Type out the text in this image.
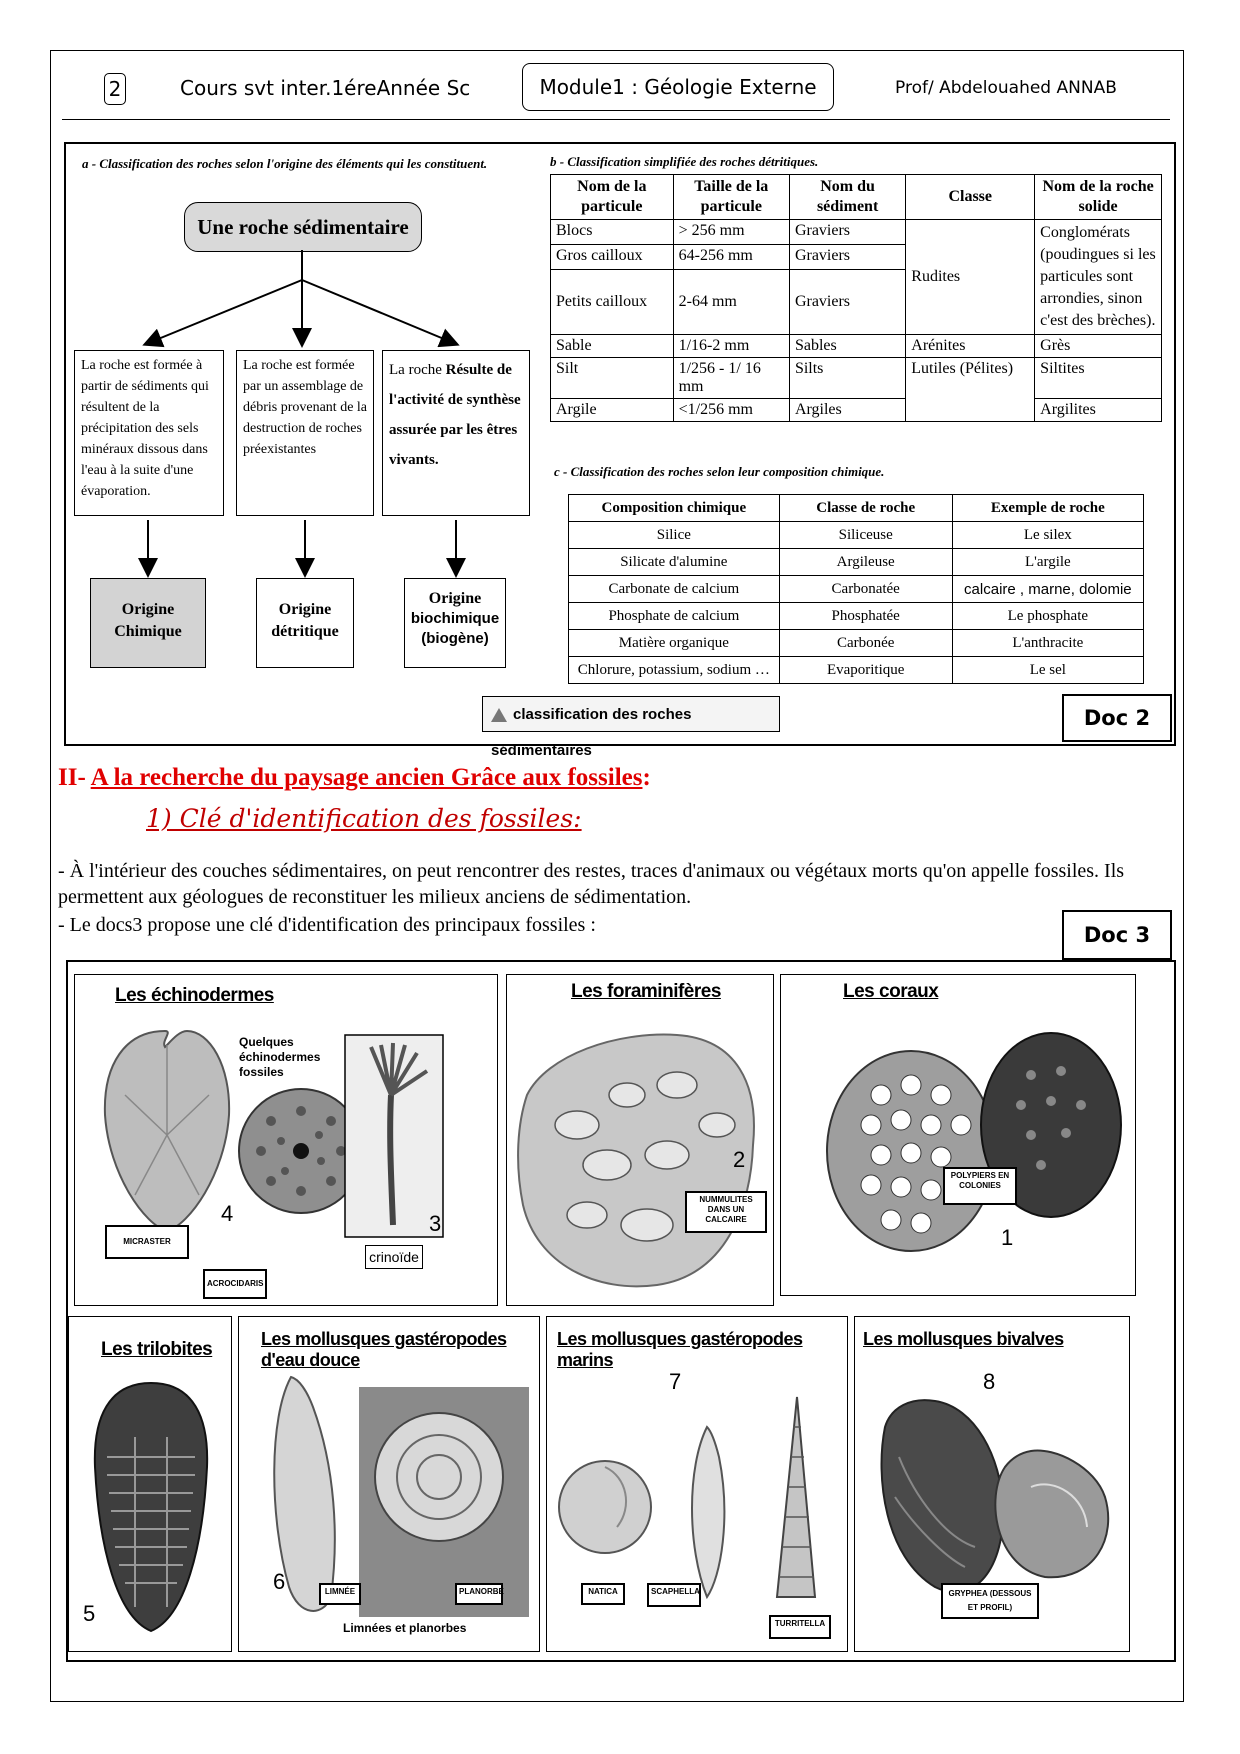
2	Cours svt inter.1éreAnnée Sc	Module1 : Géologie Externe	Prof/ Abdelouahed ANNAB
a - Classification des roches selon l'origine des éléments qui les constituent.
Une roche sédimentaire
La roche est formée à partir de sédiments qui résultent de la précipitation des sels minéraux dissous dans l'eau à la suite d'une évaporation.
La roche est formée par un assemblage de débris provenant de la destruction de roches préexistantes
La roche Résulte de l'activité de synthèse assurée par les êtres vivants.
Origine Chimique
Origine détritique
Origine
biochimique (biogène)
b - Classification simplifiée des roches détritiques.
Nom de la particule	Taille de la particule	Nom du sédiment	Classe	Nom de la roche solide
Blocs	> 256 mm	Graviers	Rudites	Conglomérats (poudingues si les particules sont arrondies, sinon c'est des brèches).
Gros cailloux	64-256 mm	Graviers		
Petits cailloux	2-64 mm	Graviers		
Sable	1/16-2 mm	Sables	Arénites	Grès
Silt	1/256 - 1/ 16 mm	Silts	Lutiles (Pélites)	Siltites
Argile	<1/256 mm	Argiles		Argilites
c - Classification des roches selon leur composition chimique.
Composition chimique	Classe de roche	Exemple de roche
Silice	Siliceuse	Le silex
Silicate d'alumine	Argileuse	L'argile
Carbonate de calcium	Carbonatée	calcaire , marne, dolomie
Phosphate de calcium	Phosphatée	Le phosphate
Matière organique	Carbonée	L'anthracite
Chlorure, potassium, sodium …	Evaporitique	Le sel
classification des roches sédimentaires
Doc 2
II- A la recherche du paysage ancien Grâce aux fossiles:
1) Clé d'identification des fossiles:
- À l'intérieur des couches sédimentaires, on peut rencontrer des restes, traces d'animaux ou végétaux morts qu'on appelle fossiles. Ils permettent aux géologues de reconstituer les milieux anciens de sédimentation.
- Le docs3 propose une clé d'identification des principaux fossiles :	Doc 3
Les échinodermes
Quelques échinodermes fossiles
4	3
MICRASTER
ACROCIDARIS
crinoïde
Les foraminifères
2
NUMMULITES DANS UN CALCAIRE
Les coraux
POLYPIERS EN COLONIES
1
Les trilobites
5
Les mollusques gastéropodes d'eau douce
6	LIMNÉE	PLANORBE
Limnées et planorbes
Les mollusques gastéropodes marins
7
NATICA	SCAPHELLA
TURRITELLA
Les mollusques bivalves
8
GRYPHEA (DESSOUS ET PROFIL)
